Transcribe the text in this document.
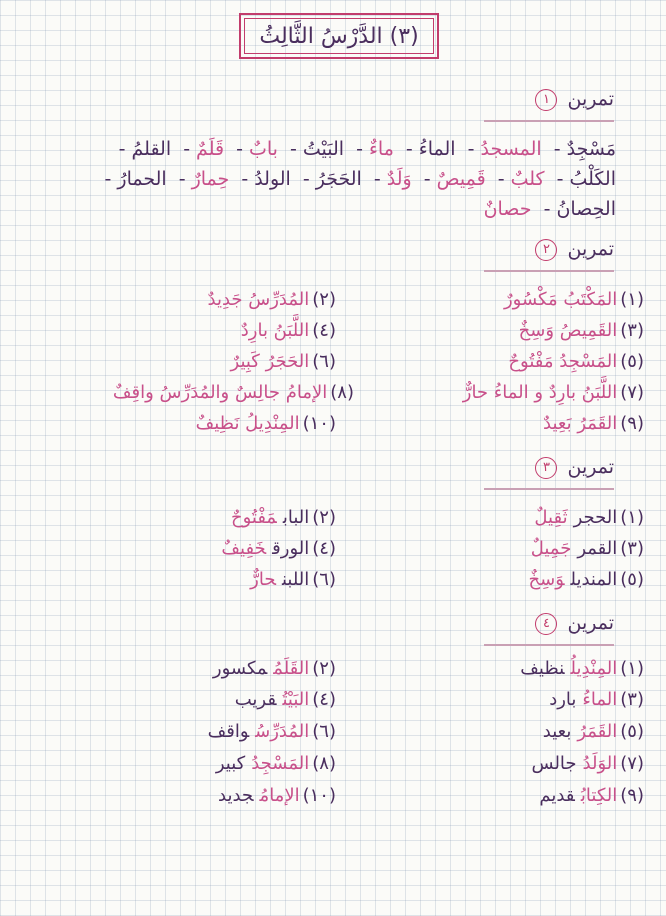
(٣) الدَّرْسُ الثَّالِثُ
تمرين ١
مَسْجِدٌ- المسجدُ- الماءُ- ماءٌ- البَيْتُ- بابٌ- قَلَمٌ- القلمُ-
الكَلْبُ- كلبٌ- قَمِيصٌ- وَلَدٌ- الحَجَرُ- الولدُ- حِمارٌ- الحمارُ-
الحِصانُ- حصانٌ
تمرين ٢
(١)المَكْتَبُ مَكْسُورٌ
(٢)المُدَرِّسُ جَدِيدٌ
(٣)القَمِيصُ وَسِخٌ
(٤)اللَّبَنُ بارِدٌ
(٥)المَسْجِدُ مَفْتُوحٌ
(٦)الحَجَرُ كَبِيرٌ
(٧)اللَّبَنُ بارِدٌ و الماءُ حارٌّ
(٨)الإمامُ جالِسٌ والمُدَرِّسُ واقِفٌ
(٩)القَمَرُ بَعِيدٌ
(١٠)المِنْدِيلُ نَظِيفٌ
تمرين ٣
(١)الحجرثَقِيلٌ
(٢)البابمَفْتُوحٌ
(٣)القمرجَمِيلٌ
(٤)الورقخَفِيفٌ
(٥)المنديلوَسِخٌ
(٦)اللبنحارٌّ
تمرين ٤
(١)المِنْدِيلُنظيف
(٢)القَلَمُمكسور
(٣)الماءُبارد
(٤)البَيْتُقريب
(٥)القَمَرُبعيد
(٦)المُدَرِّسُواقف
(٧)الوَلَدُجالس
(٨)المَسْجِدُكبير
(٩)الكِتابُقديم
(١٠)الإمامُجديد
